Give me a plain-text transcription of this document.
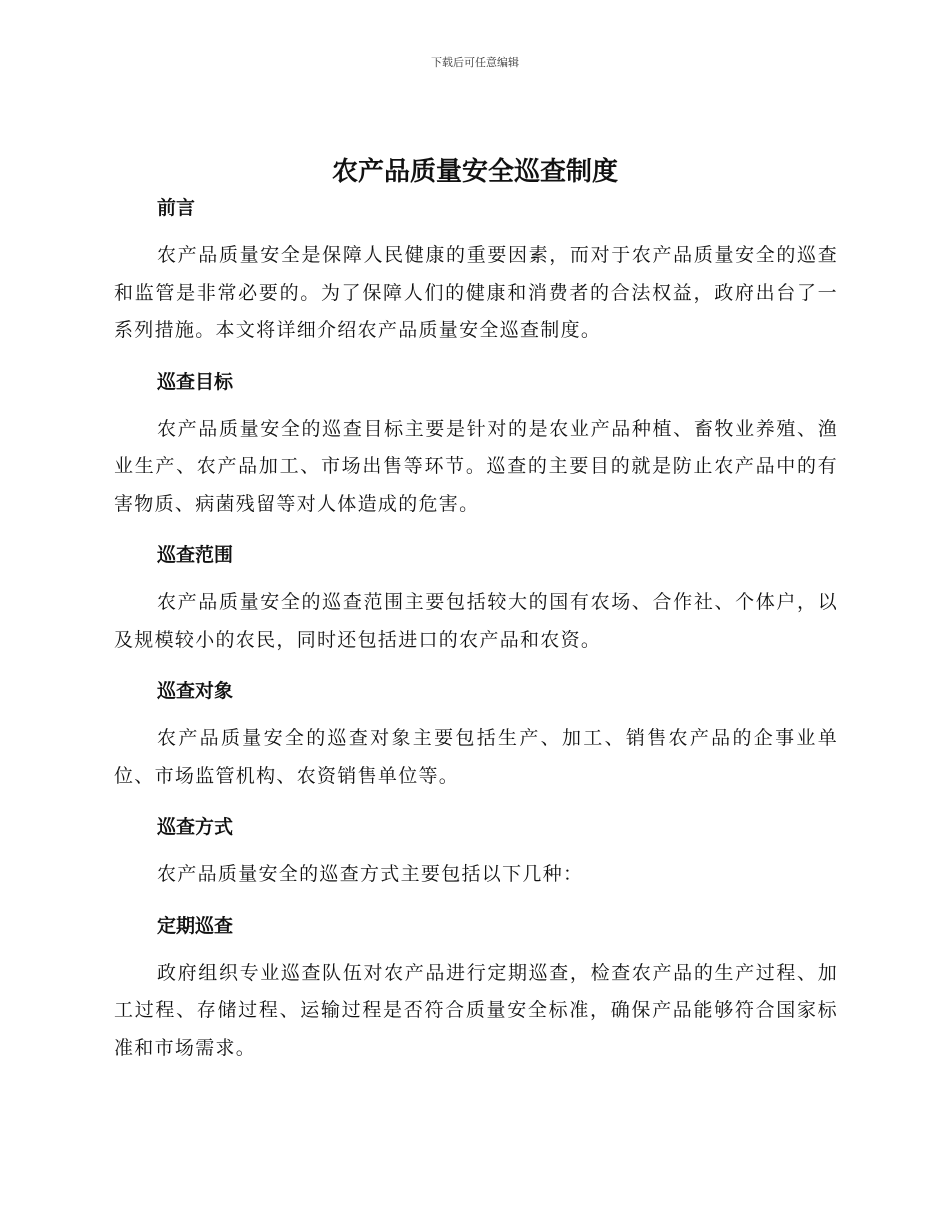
下载后可任意编辑
农产品质量安全巡查制度
前言

农产品质量安全是保障人民健康的重要因素，而对于农产品质量安全的巡查和监管是非常必要的。为了保障人们的健康和消费者的合法权益，政府出台了一系列措施。本文将详细介绍农产品质量安全巡查制度。

巡查目标

农产品质量安全的巡查目标主要是针对的是农业产品种植、畜牧业养殖、渔业生产、农产品加工、市场出售等环节。巡查的主要目的就是防止农产品中的有害物质、病菌残留等对人体造成的危害。

巡查范围

农产品质量安全的巡查范围主要包括较大的国有农场、合作社、个体户，以及规模较小的农民，同时还包括进口的农产品和农资。

巡查对象

农产品质量安全的巡查对象主要包括生产、加工、销售农产品的企事业单位、市场监管机构、农资销售单位等。

巡查方式

农产品质量安全的巡查方式主要包括以下几种：

定期巡查

政府组织专业巡查队伍对农产品进行定期巡查，检查农产品的生产过程、加工过程、存储过程、运输过程是否符合质量安全标准，确保产品能够符合国家标准和市场需求。
